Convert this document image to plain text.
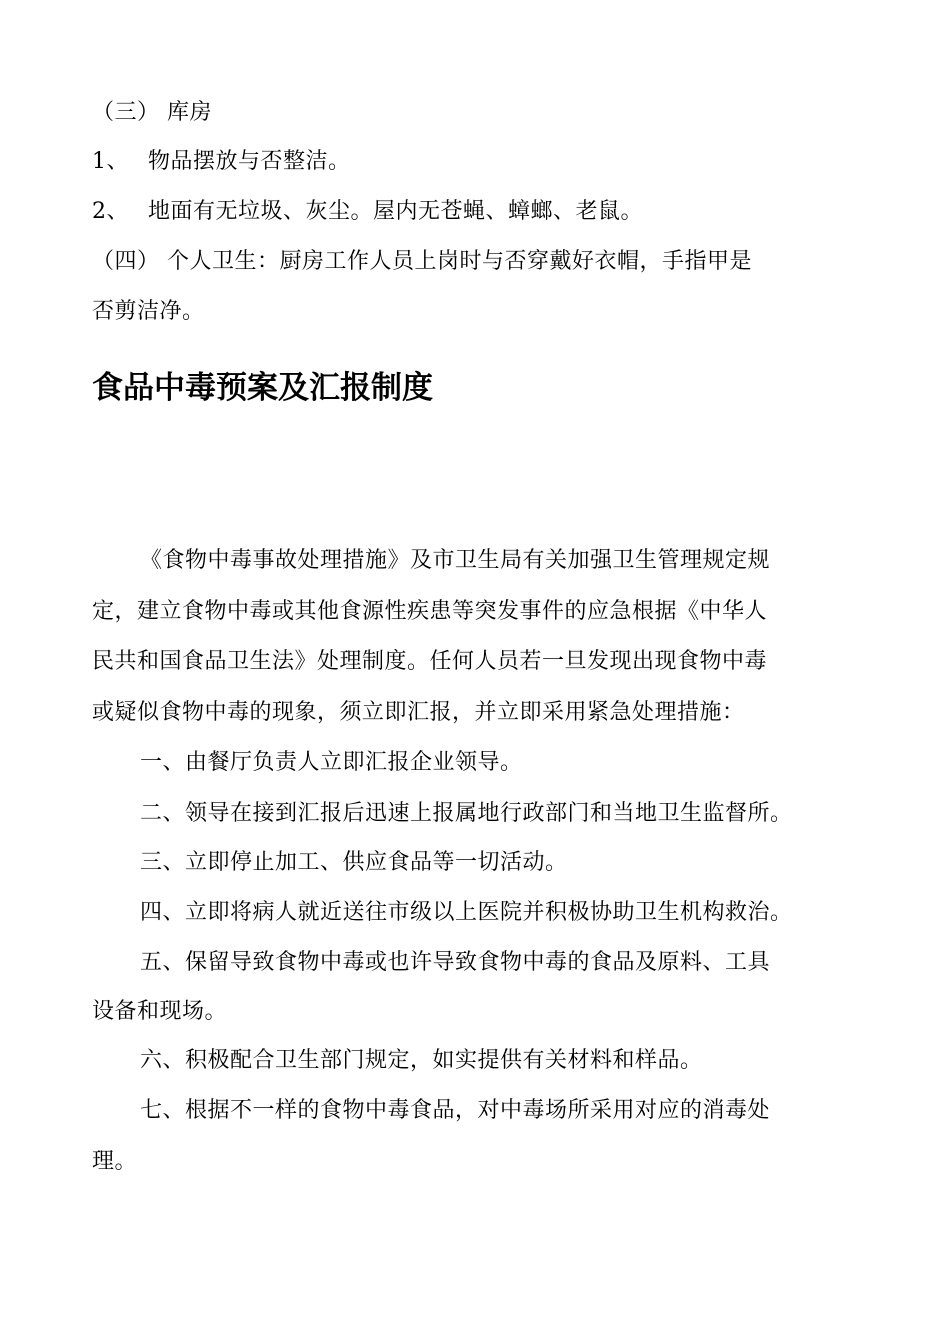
（三） 库房
1、 物品摆放与否整洁。
2、 地面有无垃圾、灰尘。屋内无苍蝇、蟑螂、老鼠。
（四） 个人卫生：厨房工作人员上岗时与否穿戴好衣帽，手指甲是
否剪洁净。
食品中毒预案及汇报制度
《食物中毒事故处理措施》及市卫生局有关加强卫生管理规定规
定，建立食物中毒或其他食源性疾患等突发事件的应急根据《中华人
民共和国食品卫生法》处理制度。任何人员若一旦发现出现食物中毒
或疑似食物中毒的现象，须立即汇报，并立即采用紧急处理措施：
一、由餐厅负责人立即汇报企业领导。
二、领导在接到汇报后迅速上报属地行政部门和当地卫生监督所。
三、立即停止加工、供应食品等一切活动。
四、立即将病人就近送往市级以上医院并积极协助卫生机构救治。
五、保留导致食物中毒或也许导致食物中毒的食品及原料、工具
设备和现场。
六、积极配合卫生部门规定，如实提供有关材料和样品。
七、根据不一样的食物中毒食品，对中毒场所采用对应的消毒处
理。
